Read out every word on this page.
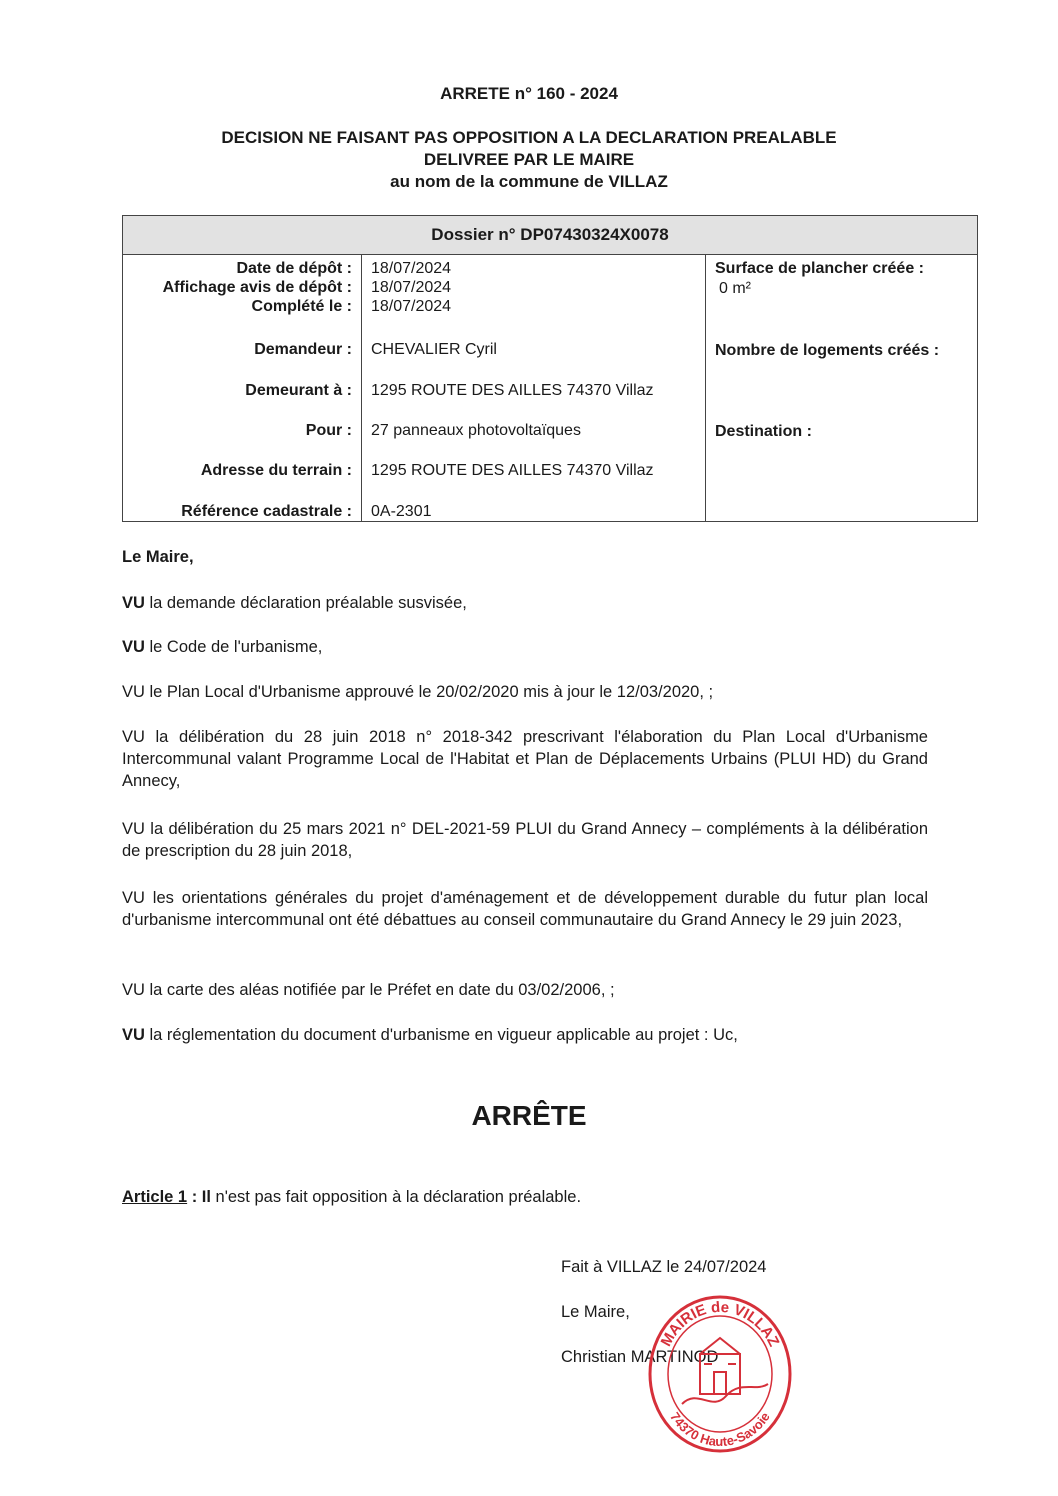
ARRETE n° 160 - 2024
DECISION NE FAISANT PAS OPPOSITION A LA DECLARATION PREALABLE
DELIVREE PAR LE MAIRE
au nom de la commune de VILLAZ
Dossier n° DP07430324X0078
Date de dépôt : 18/07/2024
Affichage avis de dépôt : 18/07/2024
Complété le : 18/07/2024
Demandeur : CHEVALIER Cyril
Demeurant à : 1295 ROUTE DES AILLES 74370 Villaz
Pour : 27 panneaux photovoltaïques
Adresse du terrain : 1295 ROUTE DES AILLES 74370 Villaz
Référence cadastrale : 0A-2301
Surface de plancher créée :
0 m²
Nombre de logements créés :
Destination :
Le Maire,
VU la demande déclaration préalable susvisée,
VU le Code de l'urbanisme,
VU le Plan Local d'Urbanisme approuvé le 20/02/2020 mis à jour le 12/03/2020, ;
VU la délibération du 28 juin 2018 n° 2018-342 prescrivant l'élaboration du Plan Local d'Urbanisme Intercommunal valant Programme Local de l'Habitat et Plan de Déplacements Urbains (PLUI HD) du Grand Annecy,
VU la délibération du 25 mars 2021 n° DEL-2021-59 PLUI du Grand Annecy – compléments à la délibération de prescription du 28 juin 2018,
VU les orientations générales du projet d'aménagement et de développement durable du futur plan local d'urbanisme intercommunal ont été débattues au conseil communautaire du Grand Annecy le 29 juin 2023,
VU la carte des aléas notifiée par le Préfet en date du 03/02/2006, ;
VU la réglementation du document d'urbanisme en vigueur applicable au projet : Uc,
ARRÊTE
Article 1 : Il n'est pas fait opposition à la déclaration préalable.
Fait à VILLAZ le 24/07/2024
Le Maire,
Christian MARTINOD
MAIRIE de VILLAZ
74370 Haute-Savoie
